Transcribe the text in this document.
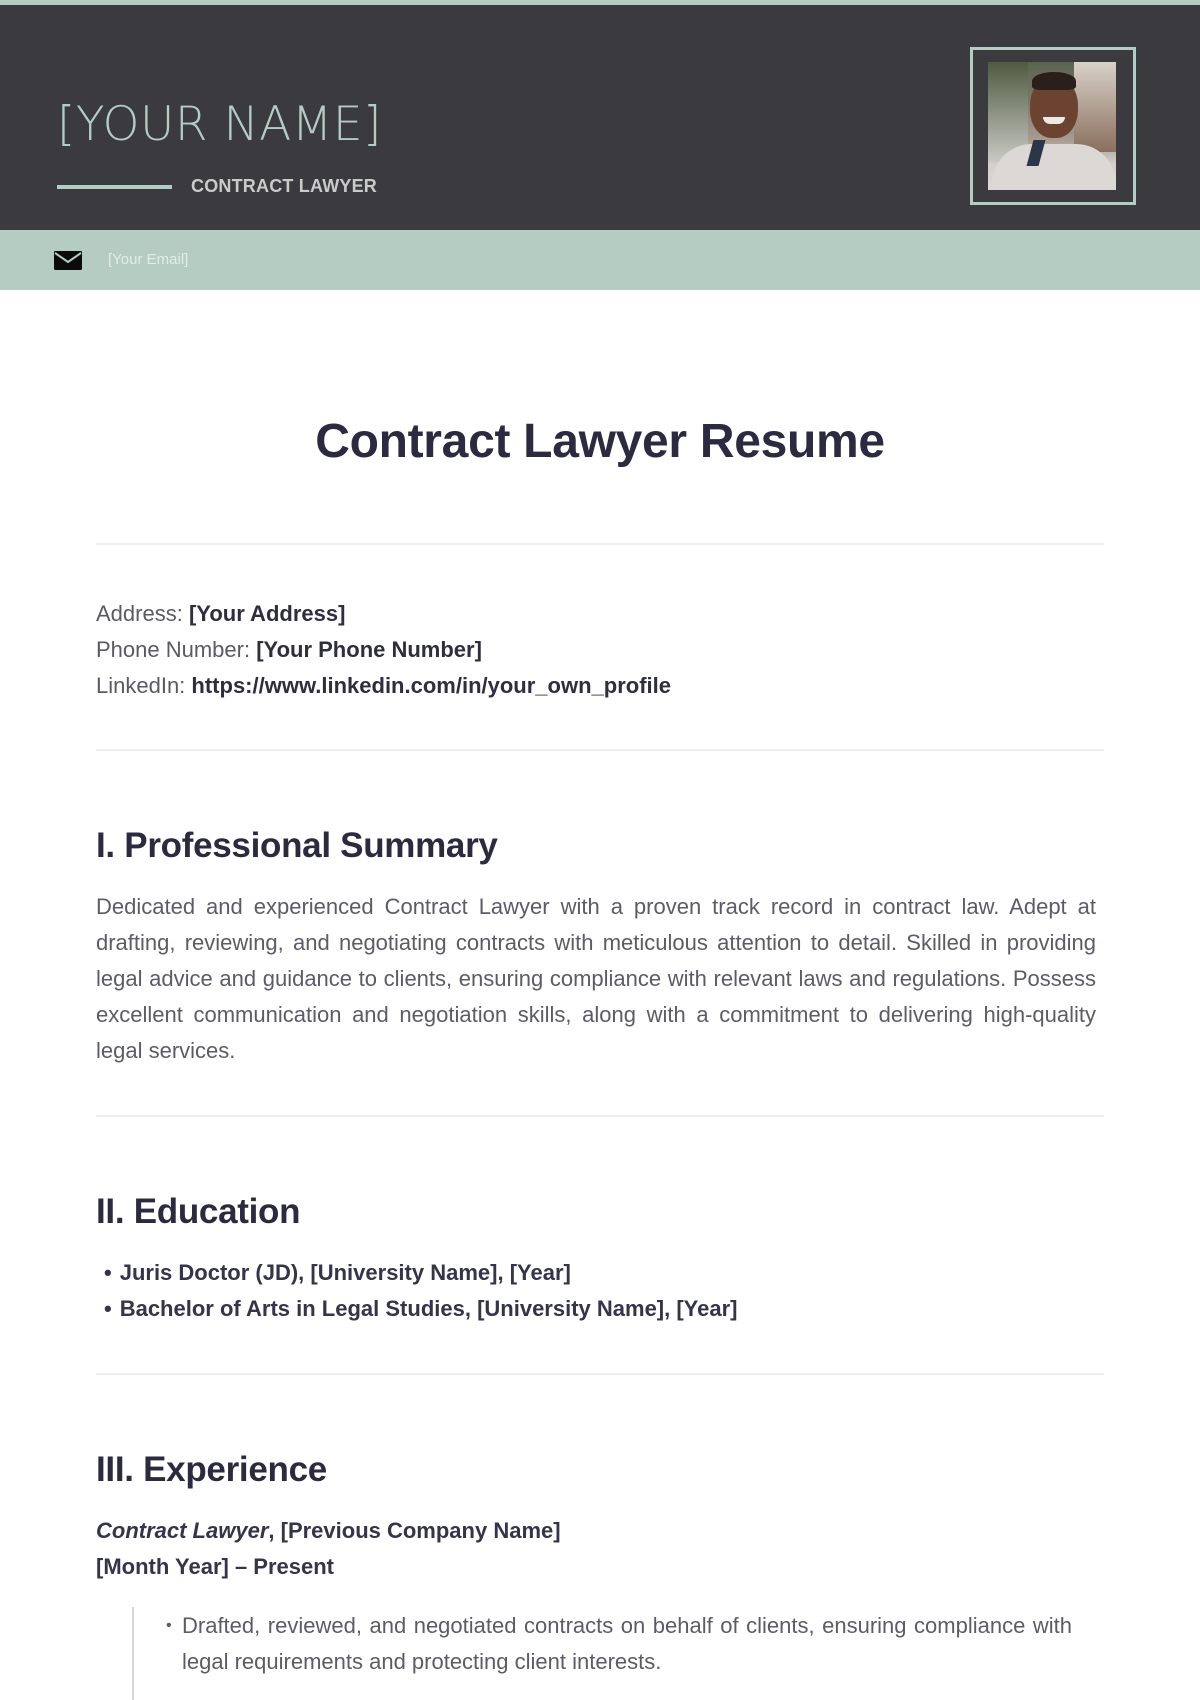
[YOUR NAME]
CONTRACT LAWYER
[Your Email]
Contract Lawyer Resume
Address: [Your Address]
Phone Number: [Your Phone Number]
LinkedIn: https://www.linkedin.com/in/your_own_profile
I. Professional Summary
Dedicated and experienced Contract Lawyer with a proven track record in contract law. Adept at drafting, reviewing, and negotiating contracts with meticulous attention to detail. Skilled in providing legal advice and guidance to clients, ensuring compliance with relevant laws and regulations. Possess excellent communication and negotiation skills, along with a commitment to delivering high-quality legal services.
II. Education
• Juris Doctor (JD), [University Name], [Year]
• Bachelor of Arts in Legal Studies, [University Name], [Year]
III. Experience
Contract Lawyer, [Previous Company Name]
[Month Year] – Present
• Drafted, reviewed, and negotiated contracts on behalf of clients, ensuring compliance with legal requirements and protecting client interests.
